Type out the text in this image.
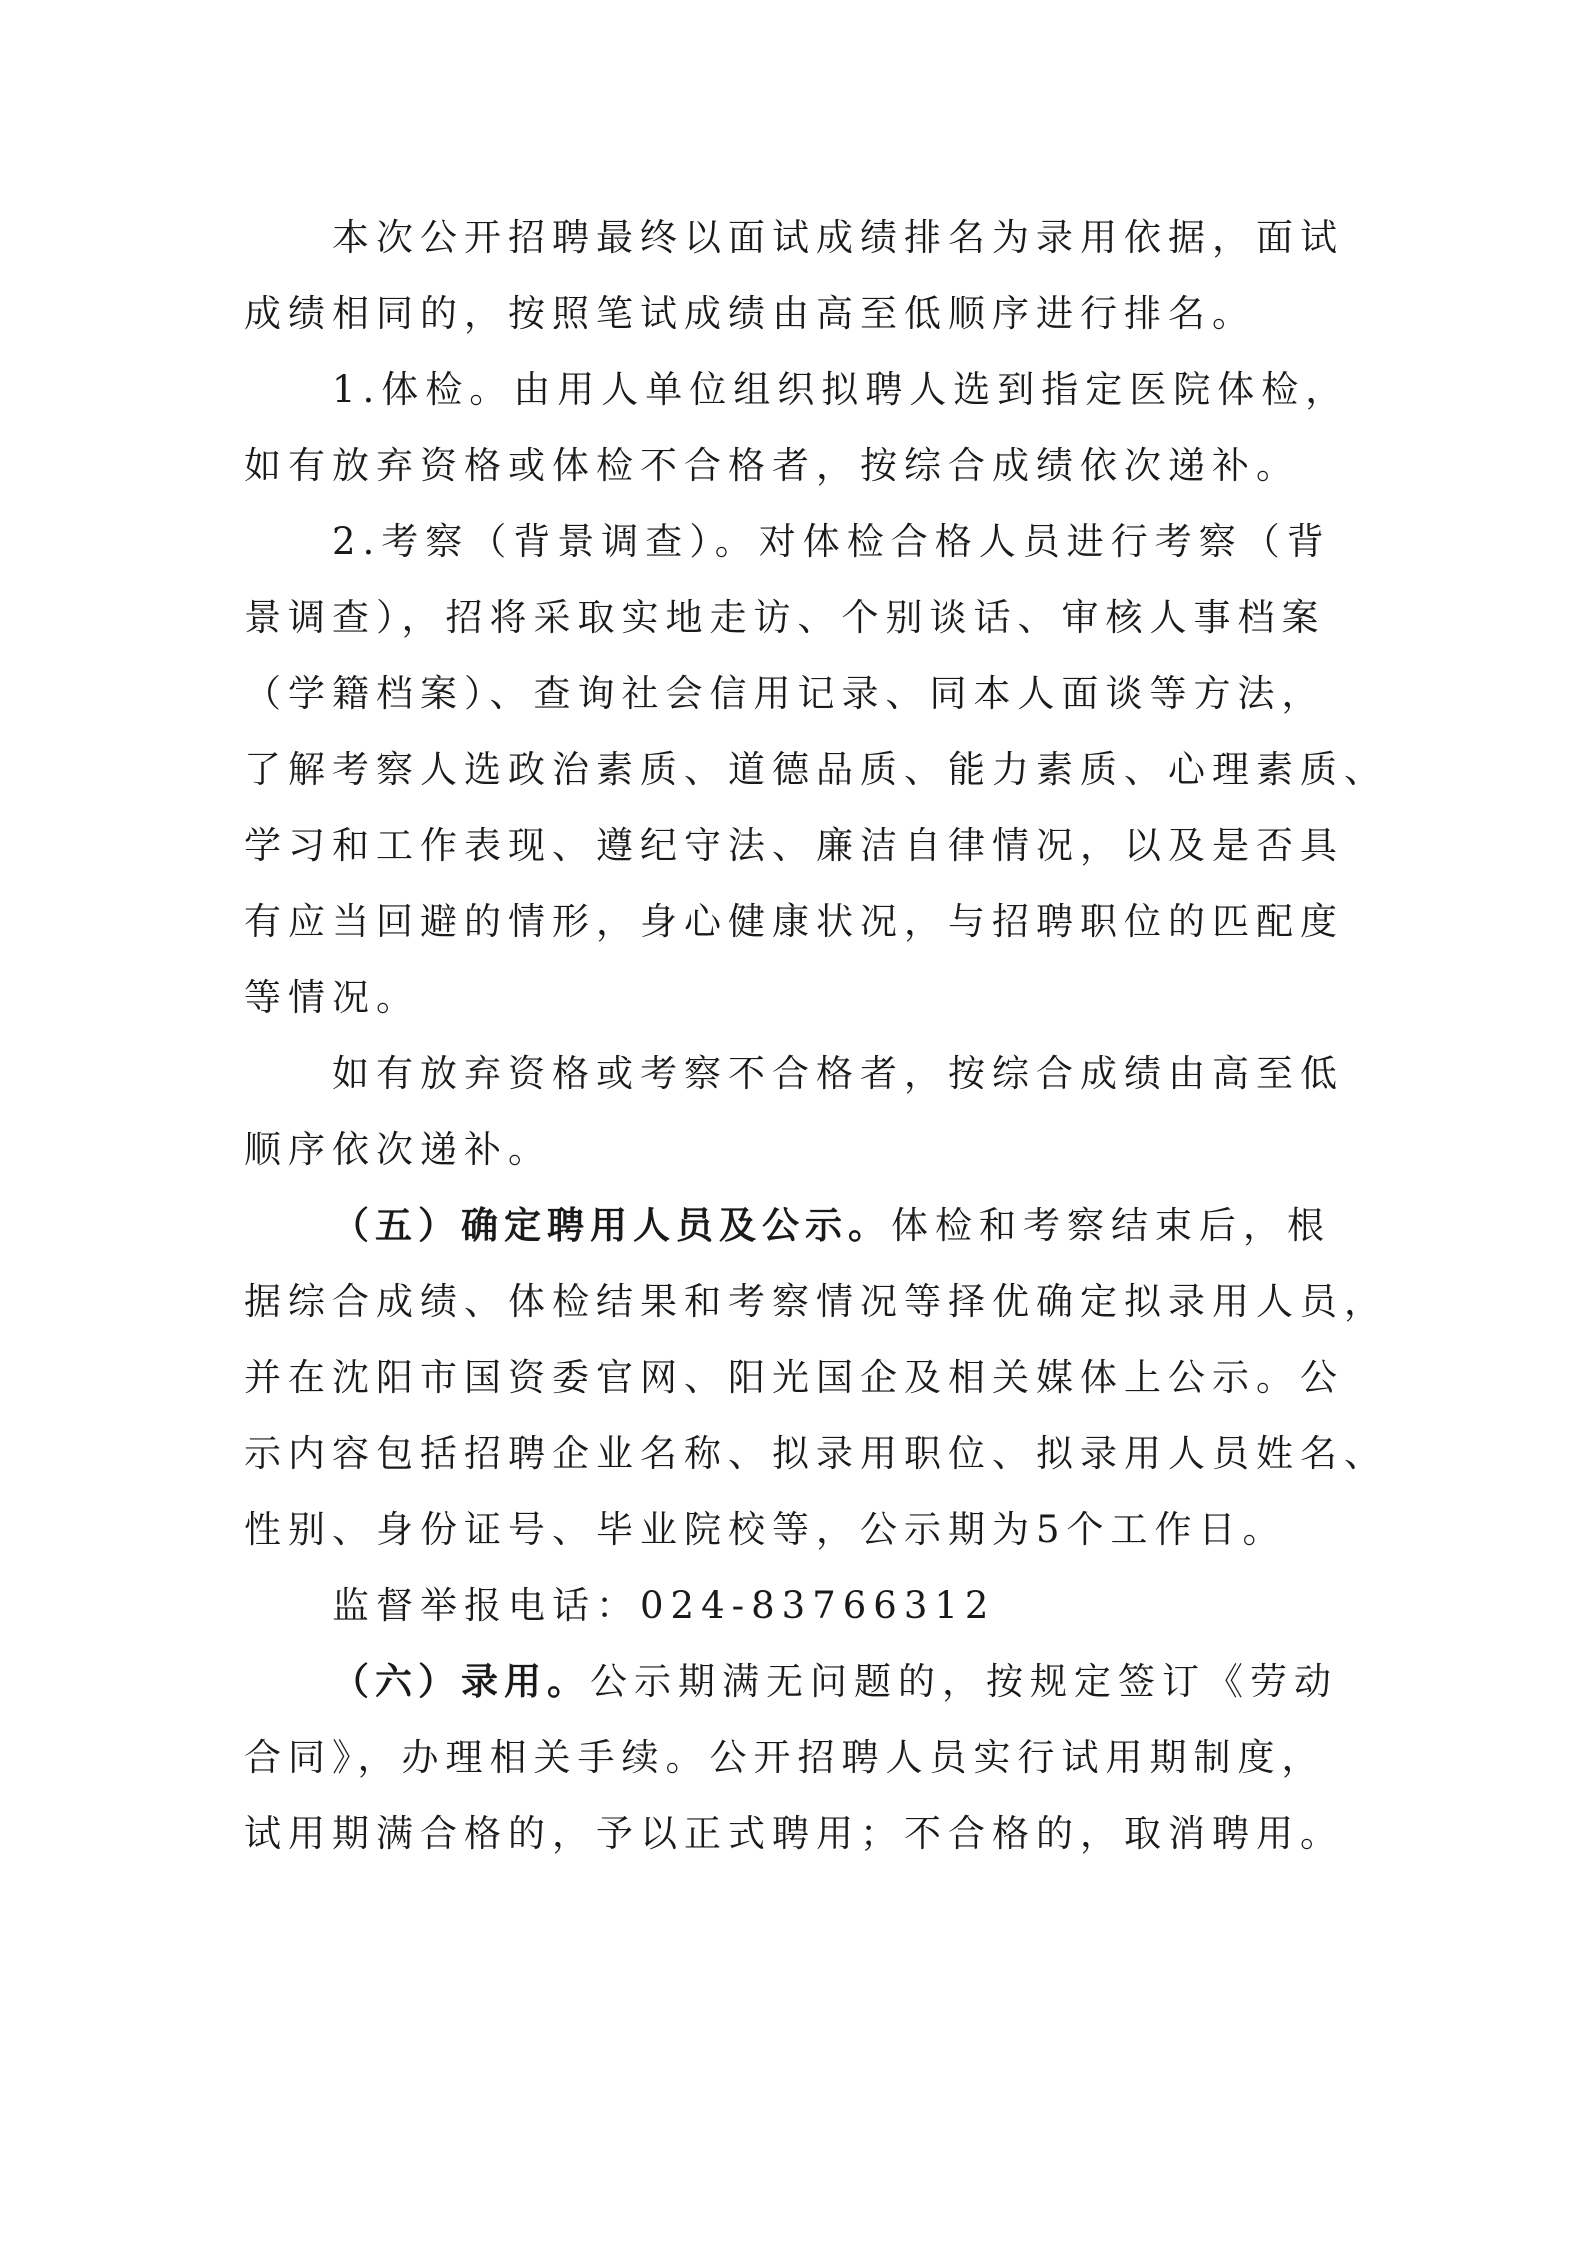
本次公开招聘最终以面试成绩排名为录用依据，面试
成绩相同的，按照笔试成绩由高至低顺序进行排名。
1.体检。由用人单位组织拟聘人选到指定医院体检，
如有放弃资格或体检不合格者，按综合成绩依次递补。
2.考察（背景调查）。对体检合格人员进行考察（背
景调查），招将采取实地走访、个别谈话、审核人事档案
（学籍档案）、查询社会信用记录、同本人面谈等方法，
了解考察人选政治素质、道德品质、能力素质、心理素质、
学习和工作表现、遵纪守法、廉洁自律情况，以及是否具
有应当回避的情形，身心健康状况，与招聘职位的匹配度
等情况。
如有放弃资格或考察不合格者，按综合成绩由高至低
顺序依次递补。
（五）确定聘用人员及公示。体检和考察结束后，根
据综合成绩、体检结果和考察情况等择优确定拟录用人员，
并在沈阳市国资委官网、阳光国企及相关媒体上公示。公
示内容包括招聘企业名称、拟录用职位、拟录用人员姓名、
性别、身份证号、毕业院校等，公示期为5个工作日。
监督举报电话：024-83766312
（六）录用。公示期满无问题的，按规定签订《劳动
合同》，办理相关手续。公开招聘人员实行试用期制度，
试用期满合格的，予以正式聘用；不合格的，取消聘用。
